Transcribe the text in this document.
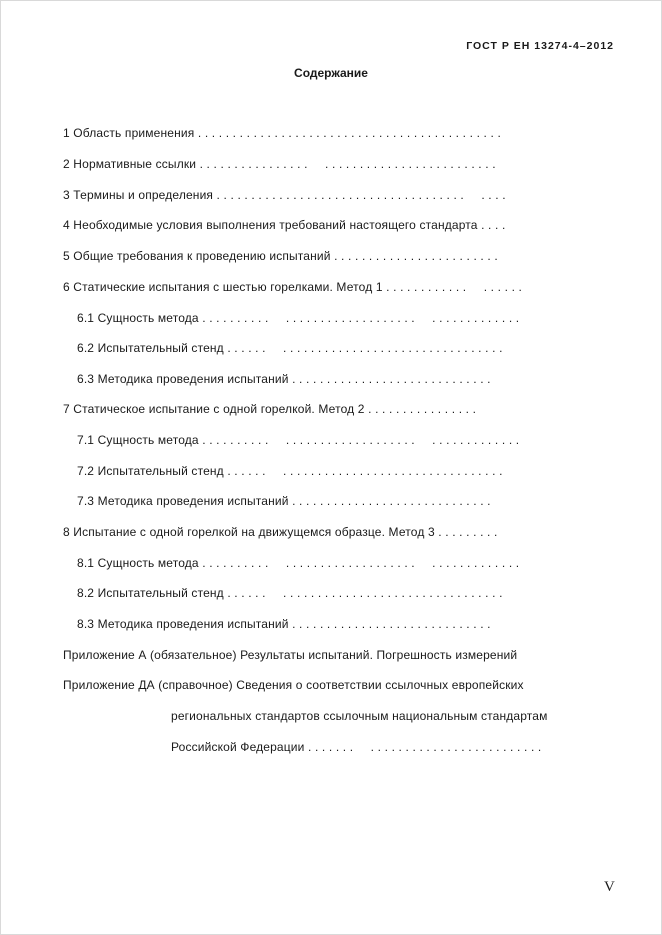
ГОСТ Р ЕН 13274-4–2012
Содержание
1 Область применения . . . . . . . . . . . . . . . . . . . . . . . . . . . . . . . . . . . . . . . . . . . .
2 Нормативные ссылки . . . . . . . . . . . . . . . .     . . . . . . . . . . . . . . . . . . . . . . . . .
3 Термины и определения . . . . . . . . . . . . . . . . . . . . . . . . . . . . . . . . . . . .     . . . .
4 Необходимые условия выполнения требований настоящего стандарта . . . .
5 Общие требования к проведению испытаний . . . . . . . . . . . . . . . . . . . . . . . .
6 Статические испытания с шестью горелками. Метод 1 . . . . . . . . . . . .     . . . . . .
6.1 Сущность метода . . . . . . . . . .     . . . . . . . . . . . . . . . . . . .     . . . . . . . . . . . . .
6.2 Испытательный стенд . . . . . .     . . . . . . . . . . . . . . . . . . . . . . . . . . . . . . . .
6.3 Методика проведения испытаний . . . . . . . . . . . . . . . . . . . . . . . . . . . . .
7 Статическое испытание с одной горелкой. Метод 2 . . . . . . . . . . . . . . . .
7.1 Сущность метода . . . . . . . . . .     . . . . . . . . . . . . . . . . . . .     . . . . . . . . . . . . .
7.2 Испытательный стенд . . . . . .     . . . . . . . . . . . . . . . . . . . . . . . . . . . . . . . .
7.3 Методика проведения испытаний . . . . . . . . . . . . . . . . . . . . . . . . . . . . .
8 Испытание с одной горелкой на движущемся образце. Метод 3 . . . . . . . . .
8.1 Сущность метода . . . . . . . . . .     . . . . . . . . . . . . . . . . . . .     . . . . . . . . . . . . .
8.2 Испытательный стенд . . . . . .     . . . . . . . . . . . . . . . . . . . . . . . . . . . . . . . .
8.3 Методика проведения испытаний . . . . . . . . . . . . . . . . . . . . . . . . . . . . .
Приложение А (обязательное) Результаты испытаний. Погрешность измерений
Приложение ДА (справочное) Сведения о соответствии ссылочных европейских
региональных стандартов ссылочным национальным стандартам
Российской Федерации . . . . . . .     . . . . . . . . . . . . . . . . . . . . . . . . .
V
